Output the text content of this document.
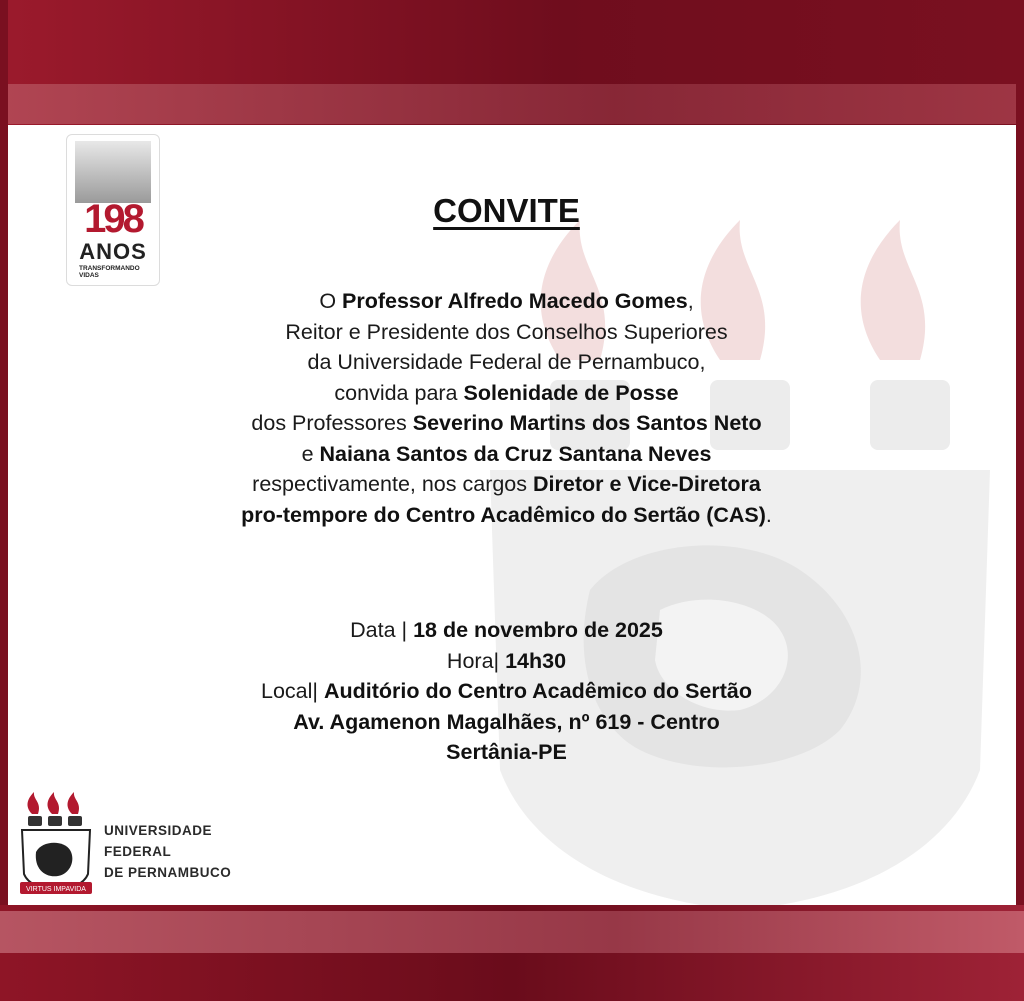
198
ANOS
TRANSFORMANDO
VIDAS
CONVITE
O Professor Alfredo Macedo Gomes,
Reitor e Presidente dos Conselhos Superiores
da Universidade Federal de Pernambuco,
convida para Solenidade de Posse
dos Professores Severino Martins dos Santos Neto
e Naiana Santos da Cruz Santana Neves
respectivamente, nos cargos Diretor e Vice-Diretora
pro-tempore do Centro Acadêmico do Sertão (CAS).
Data | 18 de novembro de 2025
Hora| 14h30
Local| Auditório do Centro Acadêmico do Sertão
Av. Agamenon Magalhães, nº 619 - Centro
Sertânia-PE
VIRTUS IMPAVIDA
UNIVERSIDADE
FEDERAL
DE PERNAMBUCO
